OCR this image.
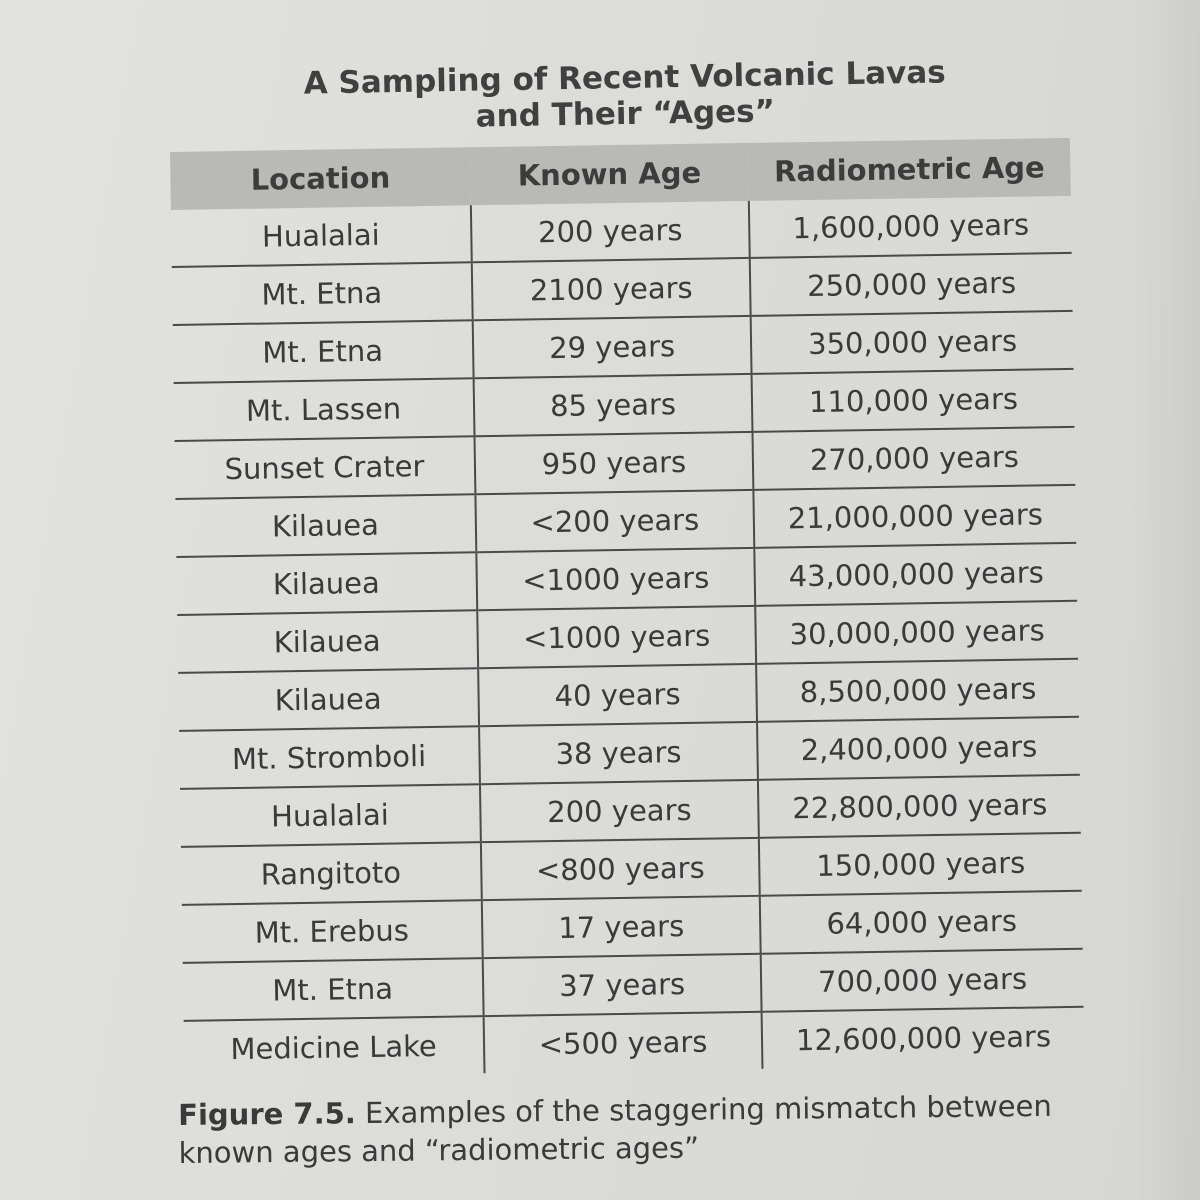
A Sampling of Recent Volcanic Lavas
and Their “Ages”
Location	Known Age	Radiometric Age
Hualalai	200 years	1,600,000 years
Mt. Etna	2100 years	250,000 years
Mt. Etna	29 years	350,000 years
Mt. Lassen	85 years	110,000 years
Sunset Crater	950 years	270,000 years
Kilauea	<200 years	21,000,000 years
Kilauea	<1000 years	43,000,000 years
Kilauea	<1000 years	30,000,000 years
Kilauea	40 years	8,500,000 years
Mt. Stromboli	38 years	2,400,000 years
Hualalai	200 years	22,800,000 years
Rangitoto	<800 years	150,000 years
Mt. Erebus	17 years	64,000 years
Mt. Etna	37 years	700,000 years
Medicine Lake	<500 years	12,600,000 years
Figure 7.5. Examples of the staggering mismatch between
known ages and “radiometric ages”
